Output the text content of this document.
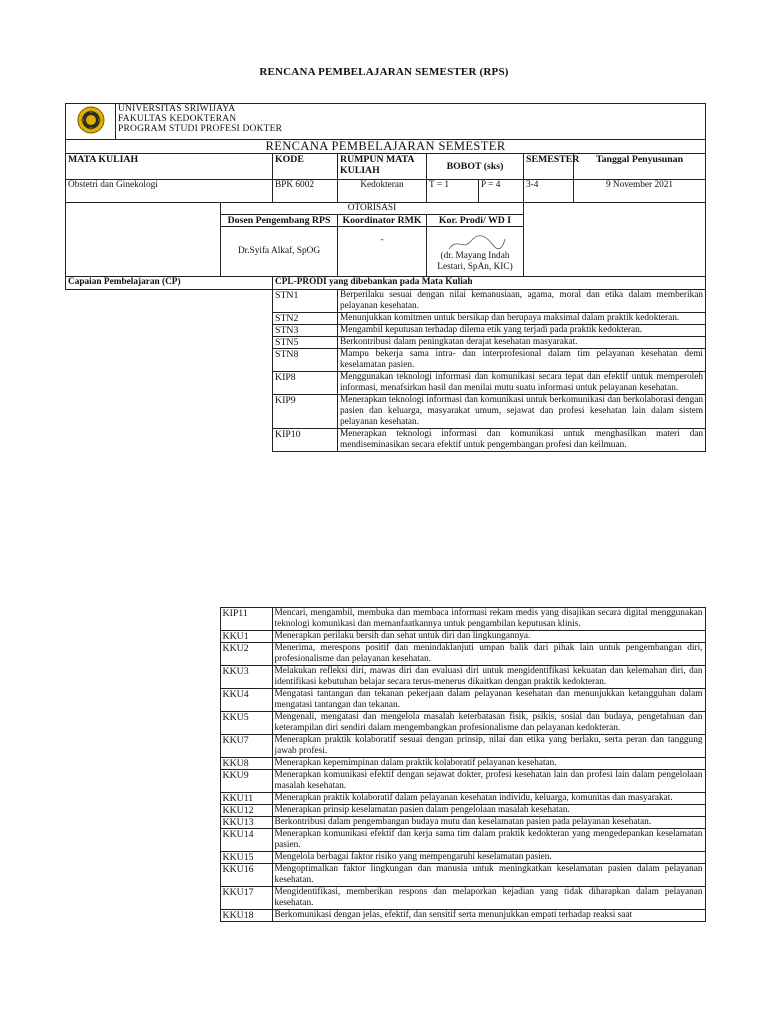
RENCANA PEMBELAJARAN SEMESTER (RPS)

UNIVERSITAS SRIWIJAYA
FAKULTAS KEDOKTERAN
PROGRAM STUDI PROFESI DOKTER							

RENCANA PEMBELAJARAN SEMESTER								
MATA KULIAH			KODE	RUMPUN MATA KULIAH	BOBOT (sks)		SEMESTER	Tanggal Penyusunan
Obstetri dan Ginekologi			BPK 6002	Kedokteran	T = 1	P = 4	3-4	9 November 2021
		OTORISASI						
		Dosen Pengembang RPS		Koordinator RMK	Kor. Prodi/ WD I			
		Dr.Syifa Alkaf, SpOG		-	(dr. Mayang Indah Lestari, SpAn, KIC)			
Capaian Pembelajaran (CP)			CPL-PRODI yang dibebankan pada Mata Kuliah					
			STN1	Berperilaku sesuai dengan nilai kemanusiaan, agama, moral dan etika dalam memberikan pelayanan kesehatan.				
			STN2	Menunjukkan komitmen untuk bersikap dan berupaya maksimal dalam praktik kedokteran.				
			STN3	Mengambil keputusan terhadap dilema etik yang terjadi pada praktik kedokteran.				
			STN5	Berkontribusi dalam peningkatan derajat kesehatan masyarakat.				
			STN8	Mampu bekerja sama intra- dan interprofesional dalam tim pelayanan kesehatan demi keselamatan pasien.				
			KIP8	Menggunakan teknologi informasi dan komunikasi secara tepat dan efektif untuk memperoleh informasi, menafsirkan hasil dan menilai mutu suatu informasi untuk pelayanan kesehatan.				
			KIP9	Menerapkan teknologi informasi dan komunikasi untuk berkomunikasi dan berkolaborasi dengan pasien dan keluarga, masyarakat umum, sejawat dan profesi kesehatan lain dalam sistem pelayanan kesehatan.				
			KIP10	Menerapkan teknologi informasi dan komunikasi untuk menghasilkan materi dan mendiseminasikan secara efektif untuk pengembangan profesi dan keilmuan.				
	KIP11	Mencari, mengambil, membuka dan membaca informasi rekam medis yang disajikan secara digital menggunakan teknologi komunikasi dan memanfaatkannya untuk pengambilan keputusan klinis.
	KKU1	Menerapkan perilaku bersih dan sehat untuk diri dan lingkungannya.
	KKU2	Menerima, merespons positif dan menindaklanjuti umpan balik dari pihak lain untuk pengembangan diri, profesionalisme dan pelayanan kesehatan.
	KKU3	Melakukan refleksi diri, mawas diri dan evaluasi diri untuk mengidentifikasi kekuatan dan kelemahan diri, dan identifikasi kebutuhan belajar secara terus-menerus dikaitkan dengan praktik kedokteran.
	KKU4	Mengatasi tantangan dan tekanan pekerjaan dalam pelayanan kesehatan dan menunjukkan ketangguhan dalam mengatasi tantangan dan tekanan.
	KKU5	Mengenali, mengatasi dan mengelola masalah keterbatasan fisik, psikis, sosial dan budaya, pengetahuan dan keterampilan diri sendiri dalam mengembangkan profesionalisme dan pelayanan kedokteran.
	KKU7	Menerapkan praktik kolaboratif sesuai dengan prinsip, nilai dan etika yang berlaku, serta peran dan tanggung jawab profesi.
	KKU8	Menerapkan kepemimpinan dalam praktik kolaboratif pelayanan kesehatan.
	KKU9	Menerapkan komunikasi efektif dengan sejawat dokter, profesi kesehatan lain dan profesi lain dalam pengelolaan masalah kesehatan.
	KKU11	Menerapkan praktik kolaboratif dalam pelayanan kesehatan individu, keluarga, komunitas dan masyarakat.
	KKU12	Menerapkan prinsip keselamatan pasien dalam pengelolaan masalah kesehatan.
	KKU13	Berkontribusi dalam pengembangan budaya mutu dan keselamatan pasien pada pelayanan kesehatan.
	KKU14	Menerapkan komunikasi efektif dan kerja sama tim dalam praktik kedokteran yang mengedepankan keselamatan pasien.
	KKU15	Mengelola berbagai faktor risiko yang mempengaruhi keselamatan pasien.
	KKU16	Mengoptimalkan faktor lingkungan dan manusia untuk meningkatkan keselamatan pasien dalam pelayanan kesehatan.
	KKU17	Mengidentifikasi, memberikan respons dan melaporkan kejadian yang tidak diharapkan dalam pelayanan kesehatan.
	KKU18	Berkomunikasi dengan jelas, efektif, dan sensitif serta menunjukkan empati terhadap reaksi saat
